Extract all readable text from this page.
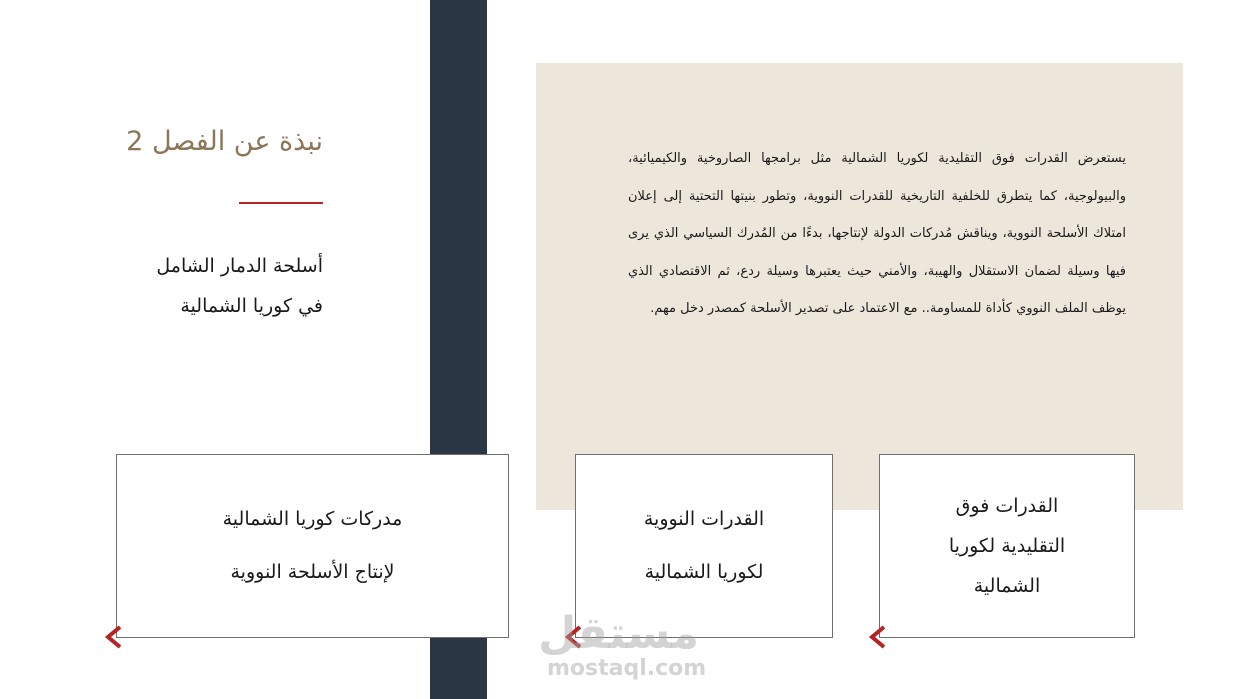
نبذة عن الفصل 2
أسلحة الدمار الشامل
في كوريا الشمالية
يستعرض القدرات فوق التقليدية لكوريا الشمالية مثل برامجها الصاروخية والكيميائية، والبيولوجية، كما يتطرق للخلفية التاريخية للقدرات النووية، وتطور بنيتها التحتية إلى إعلان امتلاك الأسلحة النووية، ويناقش مُدركات الدولة لإنتاجها، بدءًا من المُدرك السياسي الذي يرى فيها وسيلة لضمان الاستقلال والهيبة، والأمني حيث يعتبرها وسيلة ردع، ثم الاقتصادي الذي يوظف الملف النووي كأداة للمساومة.. مع الاعتماد على تصدير الأسلحة كمصدر دخل مهم.
مدركات كوريا الشمالية
لإنتاج الأسلحة النووية
القدرات النووية
لكوريا الشمالية
القدرات فوق
التقليدية لكوريا
الشمالية
مستقل
mostaql.com
